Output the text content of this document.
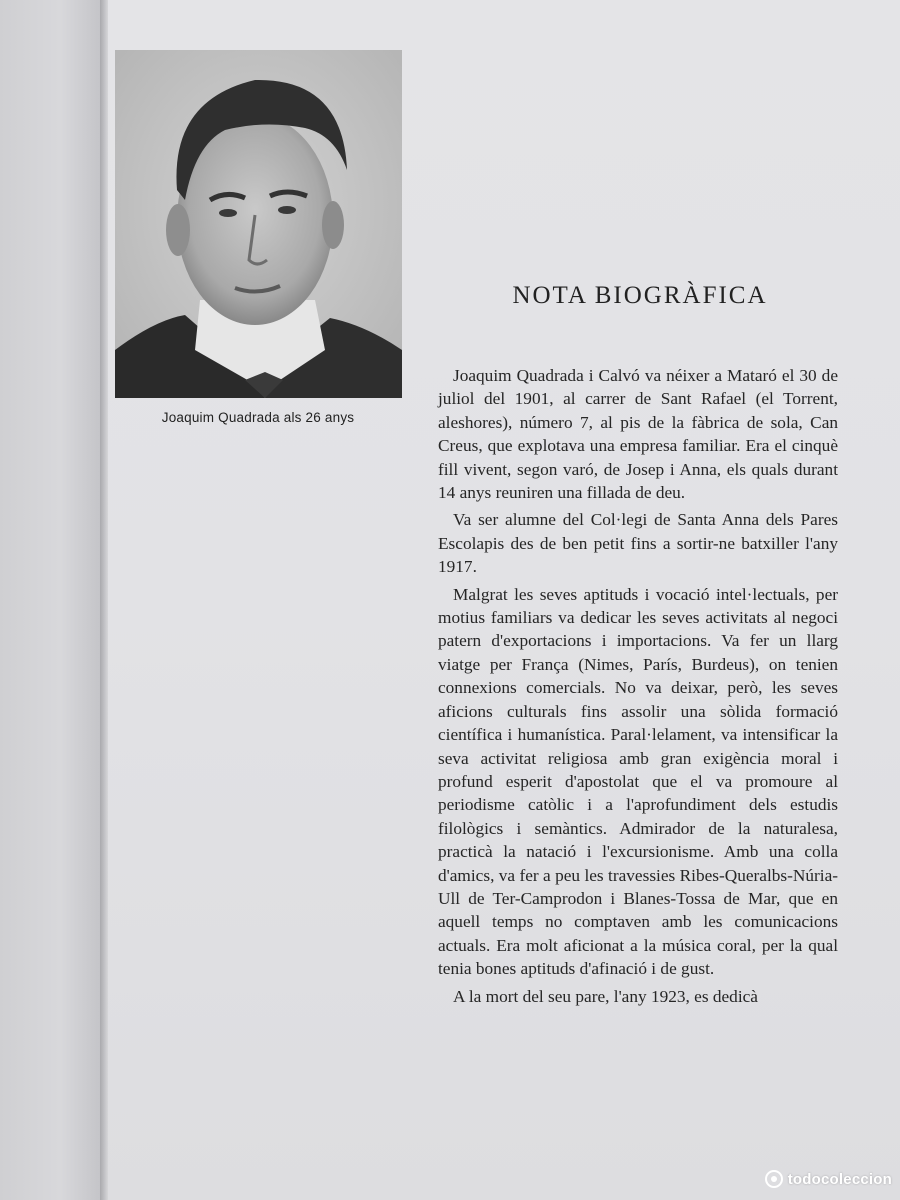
Joaquim Quadrada als 26 anys
NOTA BIOGRÀFICA

Joaquim Quadrada i Calvó va néixer a Mataró el 30 de juliol del 1901, al carrer de Sant Rafael (el Torrent, aleshores), número 7, al pis de la fàbrica de sola, Can Creus, que explotava una empresa familiar. Era el cinquè fill vivent, segon varó, de Josep i Anna, els quals durant 14 anys reuniren una fillada de deu.

Va ser alumne del Col·legi de Santa Anna dels Pares Escolapis des de ben petit fins a sortir-ne batxiller l'any 1917.

Malgrat les seves aptituds i vocació intel·lectuals, per motius familiars va dedicar les seves activitats al negoci patern d'exportacions i importacions. Va fer un llarg viatge per França (Nimes, París, Burdeus), on tenien connexions comercials. No va deixar, però, les seves aficions culturals fins assolir una sòlida formació científica i humanística. Paral·lelament, va intensificar la seva activitat religiosa amb gran exigència moral i profund esperit d'apostolat que el va promoure al periodisme catòlic i a l'aprofundiment dels estudis filològics i semàntics. Admirador de la naturalesa, practicà la natació i l'excursionisme. Amb una colla d'amics, va fer a peu les travessies Ribes-Queralbs-Núria-Ull de Ter-Camprodon i Blanes-Tossa de Mar, que en aquell temps no comptaven amb les comunicacions actuals. Era molt aficionat a la música coral, per la qual tenia bones aptituds d'afinació i de gust.

A la mort del seu pare, l'any 1923, es dedicà

todocoleccion
